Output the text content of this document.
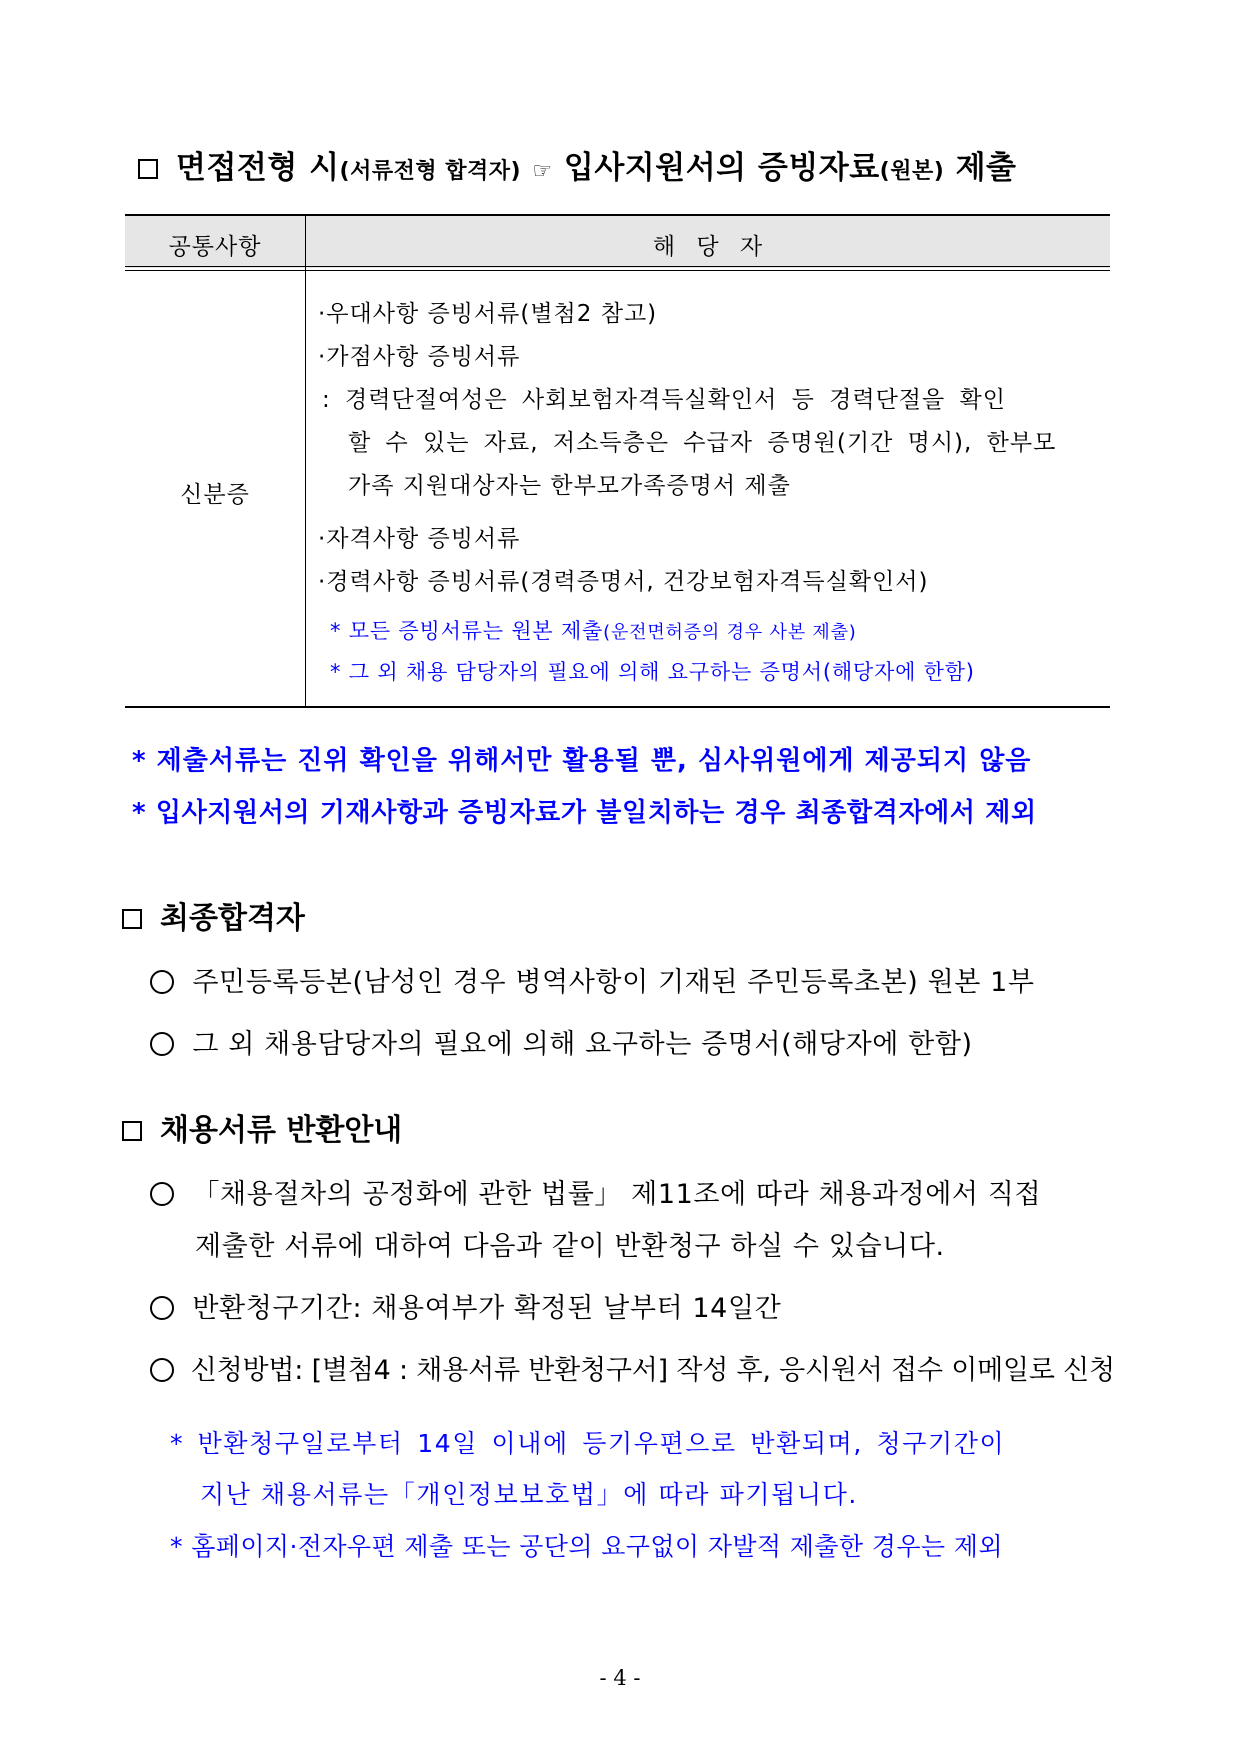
면접전형 시(서류전형 합격자) ☞ 입사지원서의 증빙자료(원본) 제출
공통사항	해 당 자
신분증
·우대사항 증빙서류(별첨2 참고)
·가점사항 증빙서류
: 경력단절여성은 사회보험자격득실확인서 등 경력단절을 확인
할 수 있는 자료, 저소득층은 수급자 증명원(기간 명시), 한부모
가족 지원대상자는 한부모가족증명서 제출
·자격사항 증빙서류
·경력사항 증빙서류(경력증명서, 건강보험자격득실확인서)
* 모든 증빙서류는 원본 제출(운전면허증의 경우 사본 제출)
* 그 외 채용 담당자의 필요에 의해 요구하는 증명서(해당자에 한함)
* 제출서류는 진위 확인을 위해서만 활용될 뿐, 심사위원에게 제공되지 않음
* 입사지원서의 기재사항과 증빙자료가 불일치하는 경우 최종합격자에서 제외
최종합격자
주민등록등본(남성인 경우 병역사항이 기재된 주민등록초본) 원본 1부
그 외 채용담당자의 필요에 의해 요구하는 증명서(해당자에 한함)
채용서류 반환안내
「채용절차의 공정화에 관한 법률」 제11조에 따라 채용과정에서 직접
제출한 서류에 대하여 다음과 같이 반환청구 하실 수 있습니다.
반환청구기간: 채용여부가 확정된 날부터 14일간
신청방법: [별첨4 : 채용서류 반환청구서] 작성 후, 응시원서 접수 이메일로 신청
* 반환청구일로부터 14일 이내에 등기우편으로 반환되며, 청구기간이
지난 채용서류는「개인정보보호법」에 따라 파기됩니다.
* 홈페이지·전자우편 제출 또는 공단의 요구없이 자발적 제출한 경우는 제외
- 4 -
